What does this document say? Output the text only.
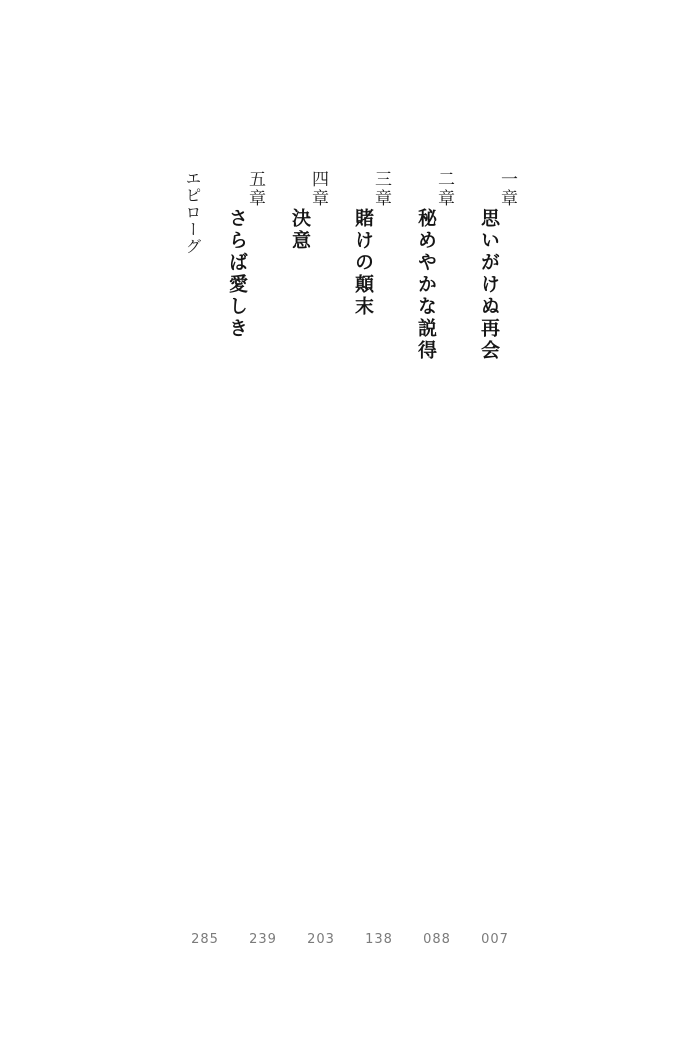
エピローグ	五章
さらば愛しき
四章
決意
三章
賭けの顛末
二章
秘めやかな説得
一章
思いがけぬ再会
285 239 203 138 088 007
